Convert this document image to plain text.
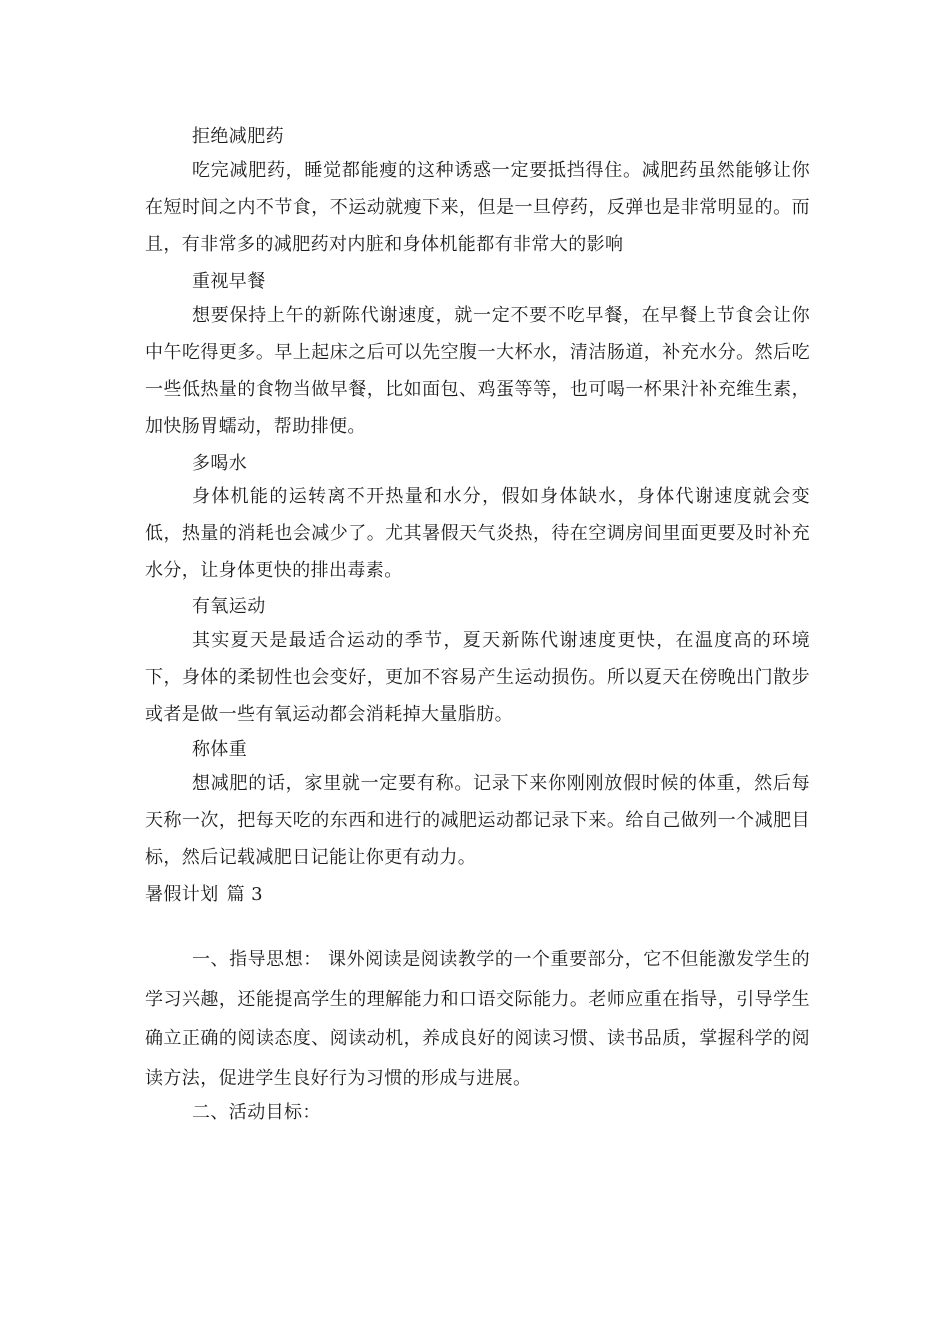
拒绝减肥药

吃完减肥药，睡觉都能瘦的这种诱惑一定要抵挡得住。减肥药虽然能够让你在短时间之内不节食，不运动就瘦下来，但是一旦停药，反弹也是非常明显的。而且，有非常多的减肥药对内脏和身体机能都有非常大的影响

重视早餐

想要保持上午的新陈代谢速度，就一定不要不吃早餐，在早餐上节食会让你中午吃得更多。早上起床之后可以先空腹一大杯水，清洁肠道，补充水分。然后吃一些低热量的食物当做早餐，比如面包、鸡蛋等等，也可喝一杯果汁补充维生素，加快肠胃蠕动，帮助排便。

多喝水

身体机能的运转离不开热量和水分，假如身体缺水，身体代谢速度就会变低，热量的消耗也会减少了。尤其暑假天气炎热，待在空调房间里面更要及时补充水分，让身体更快的排出毒素。

有氧运动

其实夏天是最适合运动的季节，夏天新陈代谢速度更快，在温度高的环境下，身体的柔韧性也会变好，更加不容易产生运动损伤。所以夏天在傍晚出门散步或者是做一些有氧运动都会消耗掉大量脂肪。

称体重

想减肥的话，家里就一定要有称。记录下来你刚刚放假时候的体重，然后每天称一次，把每天吃的东西和进行的减肥运动都记录下来。给自己做列一个减肥目标，然后记载减肥日记能让你更有动力。

暑假计划 篇 3

一、指导思想： 课外阅读是阅读教学的一个重要部分，它不但能激发学生的学习兴趣，还能提高学生的理解能力和口语交际能力。老师应重在指导，引导学生确立正确的阅读态度、阅读动机，养成良好的阅读习惯、读书品质，掌握科学的阅读方法，促进学生良好行为习惯的形成与进展。

二、活动目标：
